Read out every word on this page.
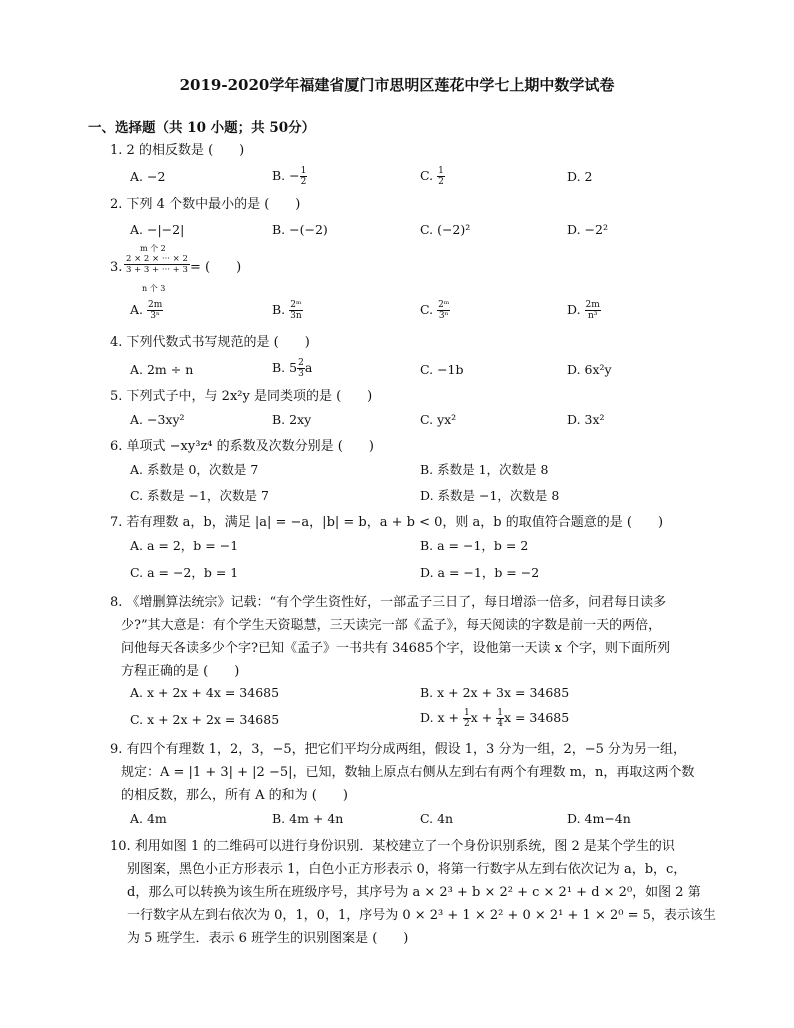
2019-2020学年福建省厦门市思明区莲花中学七上期中数学试卷
一、选择题（共 10 小题；共 50分）
1. 2 的相反数是 (　　)
A. −2	B. − $\frac{1}{2}$	C. $\frac{1}{2}$	D. 2
2. 下列 4 个数中最小的是 (　　)
A. −|−2|	B. −(−2)	C. (−2)²	D. −2²
3.
m 个 2
$\frac{2 \times 2 \times \cdot\cdot\cdot \times 2}{3 + 3 + \cdot\cdot\cdot + 3}$ = (　　)
n 个 3
A. $\frac{2m}{\text{3ⁿ}}$	B. $\frac{\text{2ᵐ}}{3n}$	C. $\frac{\text{2ᵐ}}{\text{3ⁿ}}$	D. $\frac{2m}{\text{n³}}$
4. 下列代数式书写规范的是 (　　)
A. 2m ÷ n	B. $5 \frac{2}{3}$ a	C. −1b	D. 6x²y
5. 下列式子中，与 2x²y 是同类项的是 (　　)
A. −3xy²	B. 2xy	C. yx²	D. 3x²
6. 单项式 −xy³z⁴ 的系数及次数分别是 (　　)
A. 系数是 0，次数是 7	B. 系数是 1，次数是 8
C. 系数是 −1，次数是 7	D. 系数是 −1，次数是 8
7. 若有理数 a，b，满足 |a| = −a，|b| = b，a + b < 0，则 a，b 的取值符合题意的是 (　　)
A. a = 2，b = −1	B. a = −1，b = 2
C. a = −2，b = 1	D. a = −1，b = −2
8. 《增删算法统宗》记载：“有个学生资性好，一部孟子三日了，每日增添一倍多，问君每日读多
少?”其大意是：有个学生天资聪慧，三天读完一部《孟子》，每天阅读的字数是前一天的两倍，
问他每天各读多少个字?已知《孟子》一书共有 34685个字，设他第一天读 x 个字，则下面所列
方程正确的是 (　　)
A. x + 2x + 4x = 34685	B. x + 2x + 3x = 34685
C. x + 2x + 2x = 34685	D. $x + \frac{1}{2}$ $x + \frac{1}{4}$ x = 34685
9. 有四个有理数 1，2，3，−5，把它们平均分成两组，假设 1，3 分为一组，2，−5 分为另一组，
规定：A = |1 + 3| + |2 −5|，已知，数轴上原点右侧从左到右有两个有理数 m，n，再取这两个数
的相反数，那么，所有 A 的和为 (　　)
A. 4m	B. 4m + 4n	C. 4n	D. 4m−4n
10. 利用如图 1 的二维码可以进行身份识别．某校建立了一个身份识别系统，图 2 是某个学生的识
别图案，黑色小正方形表示 1，白色小正方形表示 0，将第一行数字从左到右依次记为 a，b，c，
d，那么可以转换为该生所在班级序号，其序号为 a × 2³ + b × 2² + c × 2¹ + d × 2⁰，如图 2 第
一行数字从左到右依次为 0，1，0，1，序号为 0 × 2³ + 1 × 2² + 0 × 2¹ + 1 × 2⁰ = 5，表示该生
为 5 班学生．表示 6 班学生的识别图案是 (　　)
